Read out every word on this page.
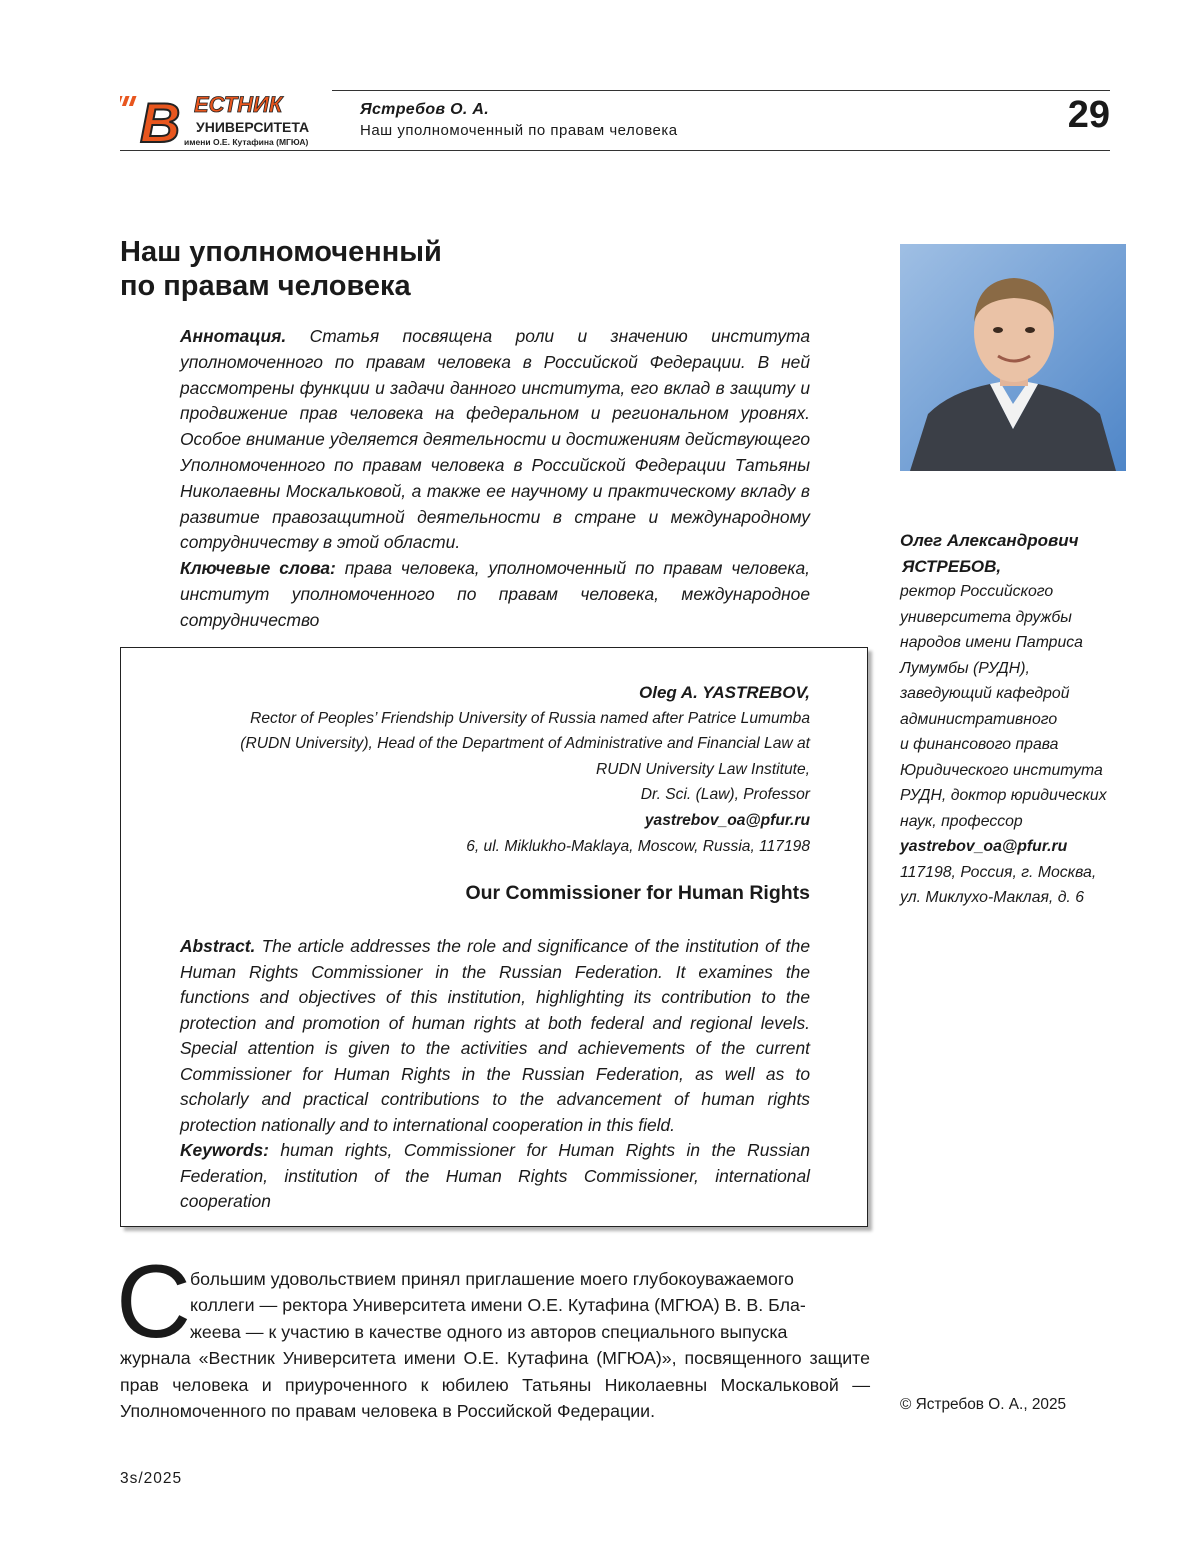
В ЕСТНИК
УНИВЕРСИТЕТА
имени О.Е. Кутафина (МГЮА)
Ястребов О. А.
Наш уполномоченный по правам человека	29
Наш уполномоченный
по правам человека
Аннотация. Статья посвящена роли и значению института уполномоченного по правам человека в Российской Федерации. В ней рассмотрены функции и задачи данного института, его вклад в защиту и продвижение прав человека на федеральном и региональном уровнях. Особое внимание уделяется деятельности и достижениям действующего Уполномоченного по правам человека в Российской Федерации Татьяны Николаевны Москальковой, а также ее научному и практическому вкладу в развитие правозащитной деятельности в стране и международному сотрудничеству в этой области.
Ключевые слова: права человека, уполномоченный по правам человека, институт уполномоченного по правам человека, международное сотрудничество
Олег Александрович
ЯСТРЕБОВ,
ректор Российского
университета дружбы
народов имени Патриса
Лумумбы (РУДН),
заведующий кафедрой
административного
и финансового права
Юридического института
РУДН, доктор юридических
наук, профессор
yastrebov_oa@pfur.ru
117198, Россия, г. Москва,
ул. Миклухо-Маклая, д. 6
Oleg A. YASTREBOV,
Rector of Peoples’ Friendship University of Russia named after Patrice Lumumba
(RUDN University), Head of the Department of Administrative and Financial Law at
RUDN University Law Institute,
Dr. Sci. (Law), Professor
yastrebov_oa@pfur.ru
6, ul. Miklukho-Maklaya, Moscow, Russia, 117198
Our Commissioner for Human Rights
Abstract. The article addresses the role and significance of the institution of the Human Rights Commissioner in the Russian Federation. It examines the functions and objectives of this institution, highlighting its contribution to the protection and promotion of human rights at both federal and regional levels. Special attention is given to the activities and achievements of the current Commissioner for Human Rights in the Russian Federation, as well as to scholarly and practical contributions to the advancement of human rights protection nationally and to international cooperation in this field.
Keywords: human rights, Commissioner for Human Rights in the Russian Federation, institution of the Human Rights Commissioner, international cooperation
С
большим удовольствием принял приглашение моего глубокоуважаемого
коллеги — ректора Университета имени О.Е. Кутафина (МГЮА) В. В. Бла-
жеева — к участию в качестве одного из авторов специального выпуска
журнала «Вестник Университета имени О.Е. Кутафина (МГЮА)», посвященного защите прав человека и приуроченного к юбилею Татьяны Николаевны Москальковой — Уполномоченного по правам человека в Российской Федерации.	© Ястребов О. А., 2025
3s/2025
